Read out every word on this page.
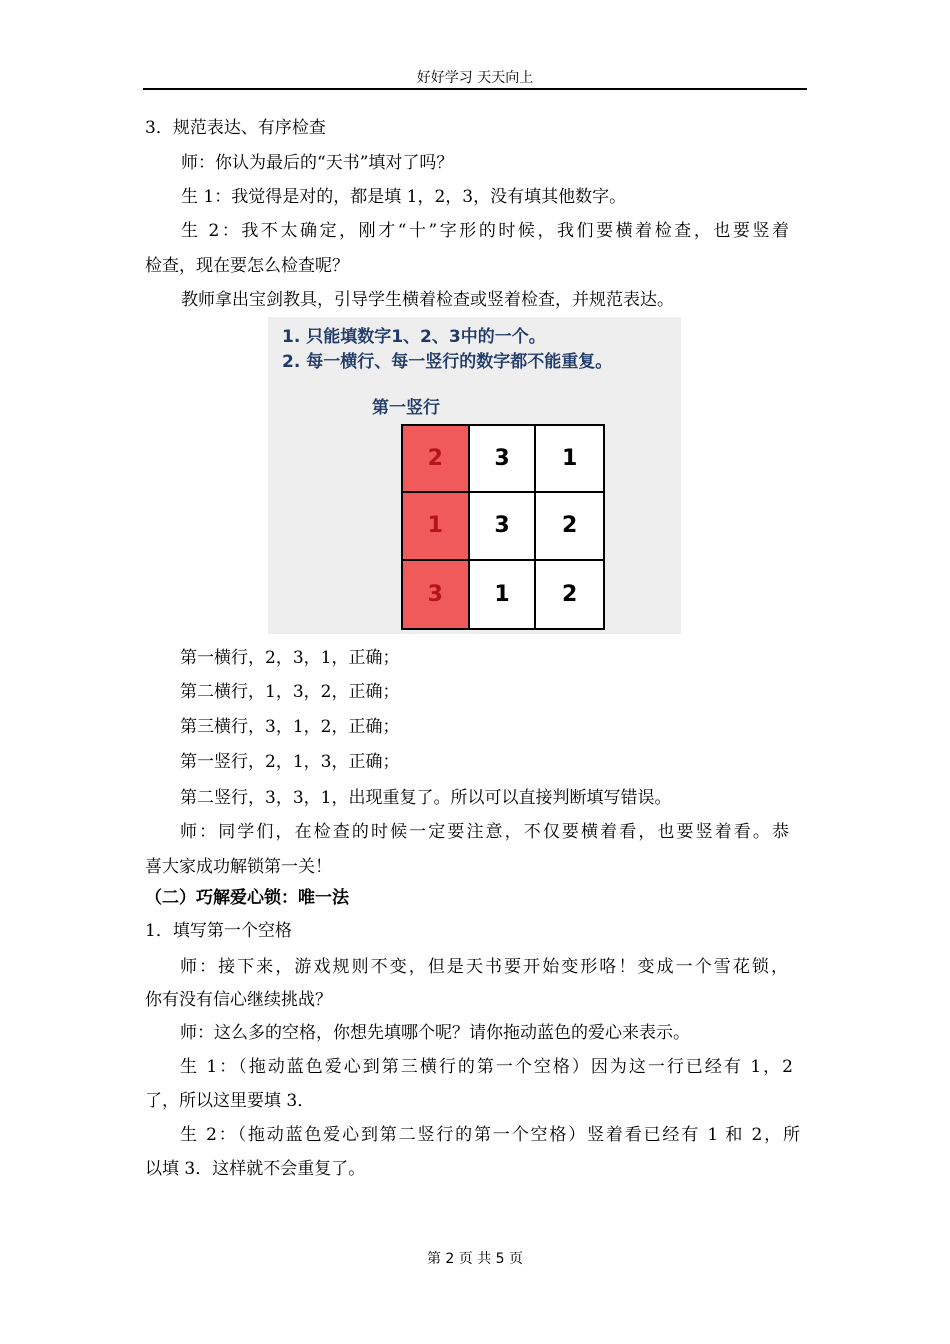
好好学习 天天向上
3．规范表达、有序检查
师：你认为最后的“天书”填对了吗？
生 1：我觉得是对的，都是填 1，2，3，没有填其他数字。
生 2：我不太确定，刚才“十”字形的时候，我们要横着检查，也要竖着
检查，现在要怎么检查呢？
教师拿出宝剑教具，引导学生横着检查或竖着检查，并规范表达。
1. 只能填数字1、2、3中的一个。
2. 每一横行、每一竖行的数字都不能重复。
第一竖行
2	3	1
1	3	2
3	1	2
第一横行，2，3，1，正确；
第二横行，1，3，2，正确；
第三横行，3，1，2，正确；
第一竖行，2，1，3，正确；
第二竖行，3，3，1，出现重复了。所以可以直接判断填写错误。
师：同学们，在检查的时候一定要注意，不仅要横着看，也要竖着看。恭
喜大家成功解锁第一关！
（二）巧解爱心锁：唯一法
1．填写第一个空格
师：接下来，游戏规则不变，但是天书要开始变形咯！变成一个雪花锁，
你有没有信心继续挑战？
师：这么多的空格，你想先填哪个呢？请你拖动蓝色的爱心来表示。
生 1：（拖动蓝色爱心到第三横行的第一个空格）因为这一行已经有 1，2
了，所以这里要填 3．
生 2：（拖动蓝色爱心到第二竖行的第一个空格）竖着看已经有 1 和 2，所
以填 3．这样就不会重复了。
第 2 页 共 5 页
